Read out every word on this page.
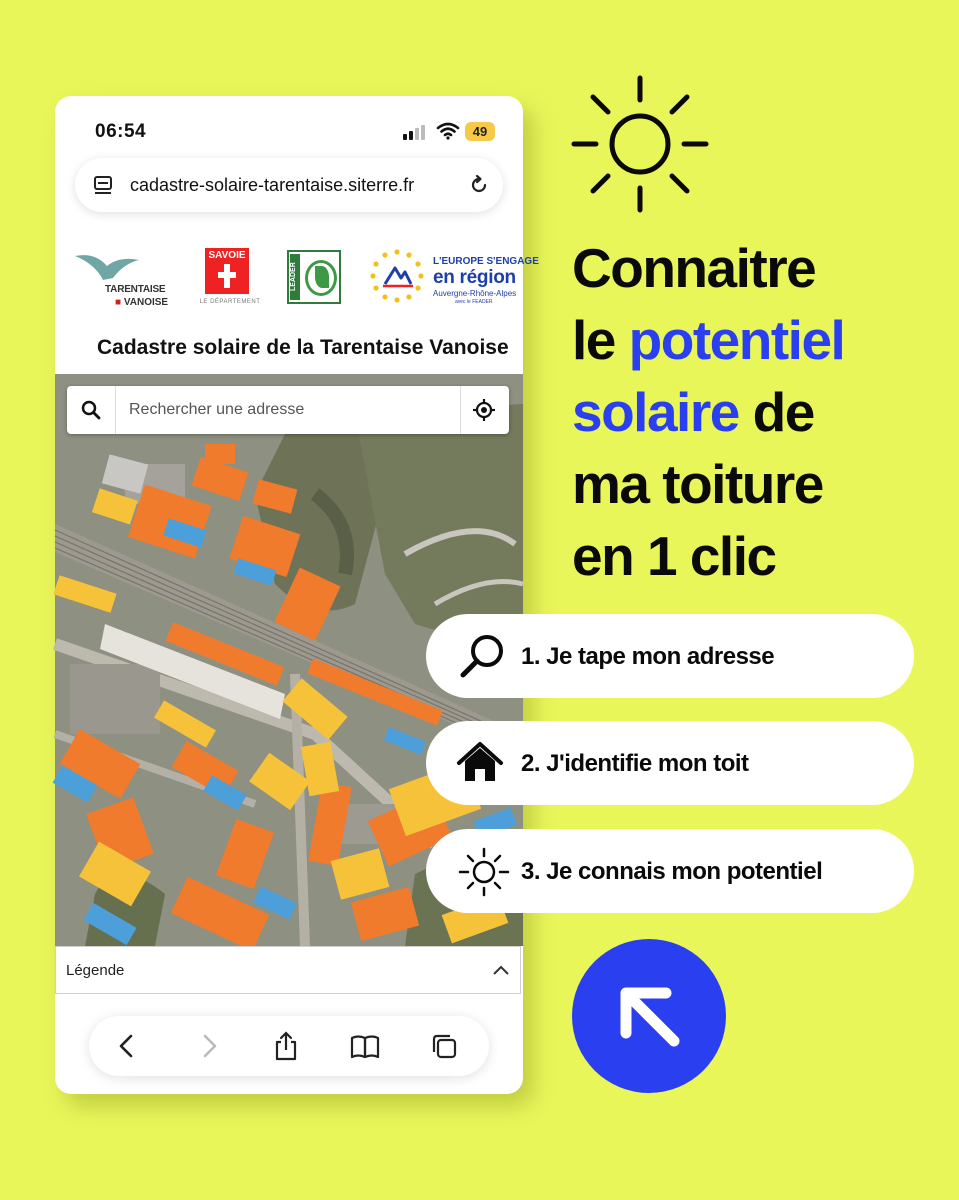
06:54	49
cadastre-solaire-tarentaise.siterre.fr
TARENTAISE
■ VANOISE
SAVOIE
LE DÉPARTEMENT
LEADER
L'EUROPE S'ENGAGE
en région
Auvergne-Rhône-Alpes
avec le FEADER
Cadastre solaire de la Tarentaise Vanoise
Rechercher une adresse
Légende
Connaitre
le potentiel
solaire de
ma toiture
en 1 clic
1. Je tape mon adresse
2. J'identifie mon toit
3. Je connais mon potentiel
